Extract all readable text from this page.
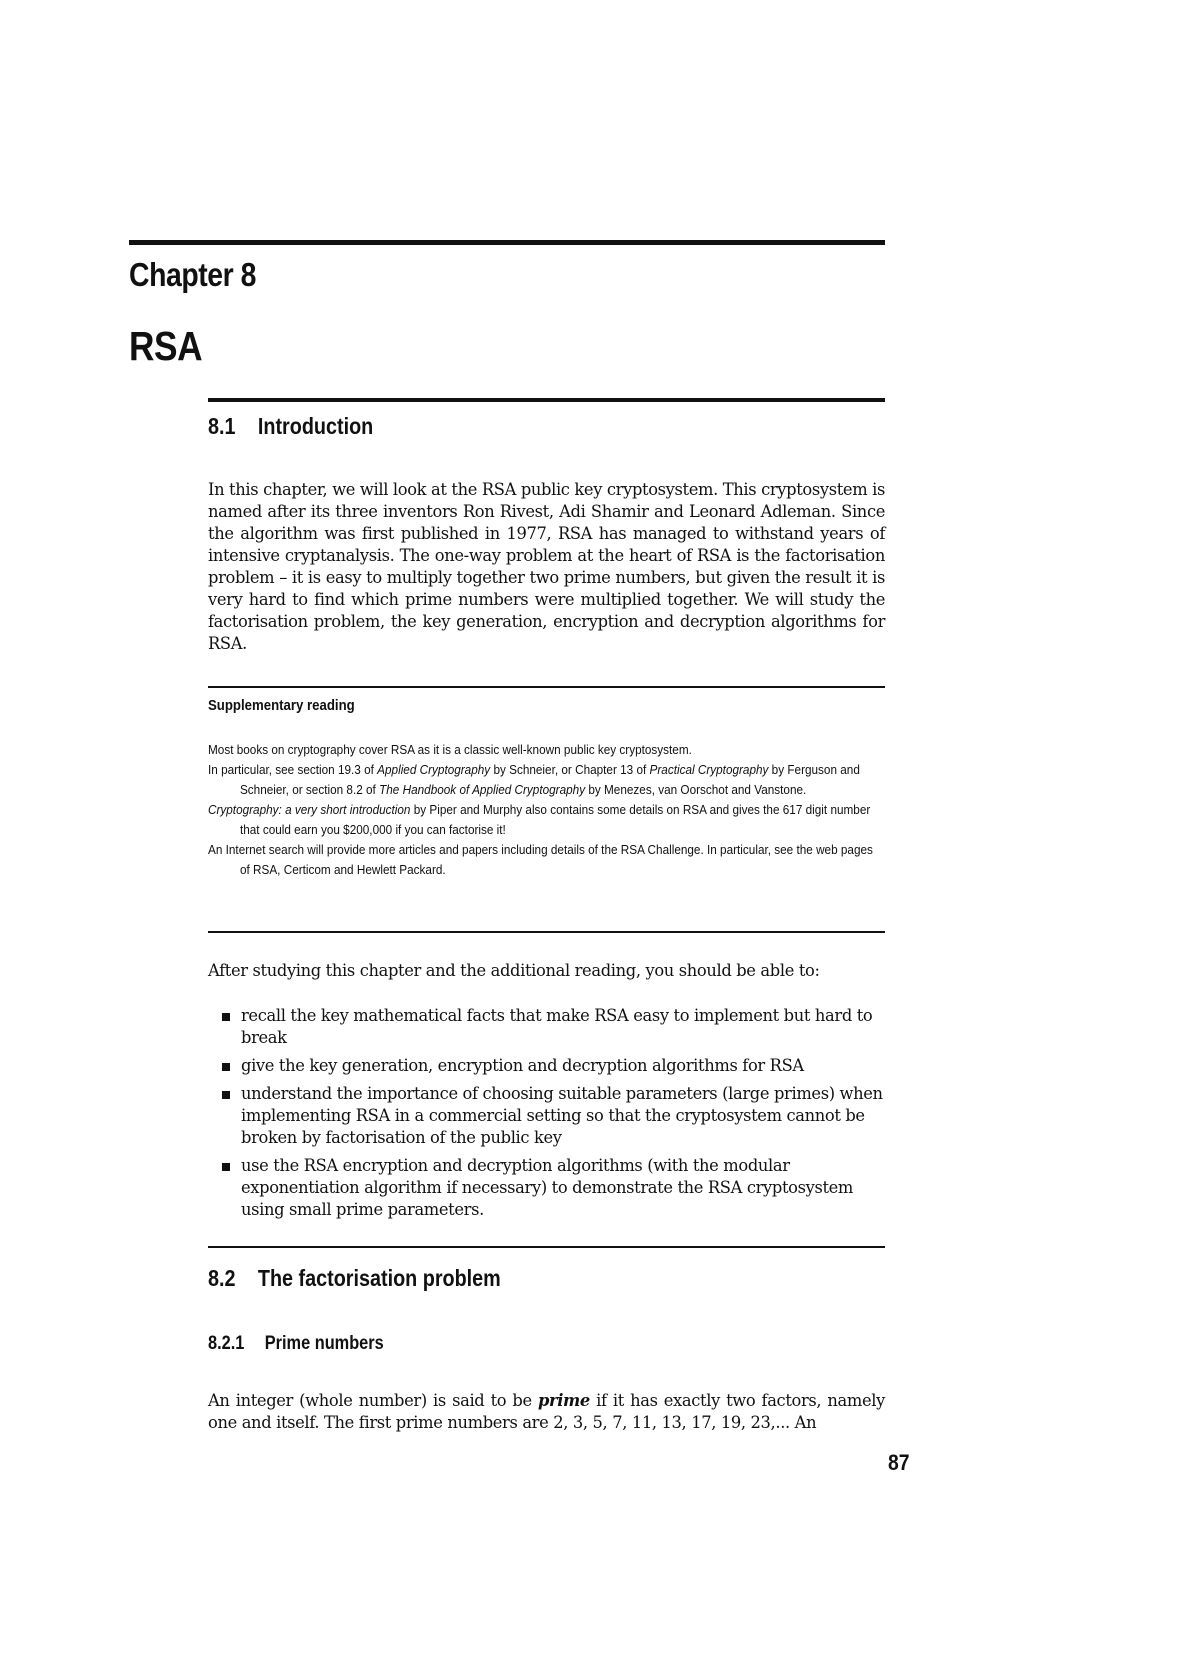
Chapter 8
RSA
8.1 Introduction

In this chapter, we will look at the RSA public key cryptosystem. This cryptosystem is named after its three inventors Ron Rivest, Adi Shamir and Leonard Adleman. Since the algorithm was first published in 1977, RSA has managed to withstand years of intensive cryptanalysis. The one-way problem at the heart of RSA is the factorisation problem – it is easy to multiply together two prime numbers, but given the result it is very hard to find which prime numbers were multiplied together. We will study the factorisation problem, the key generation, encryption and decryption algorithms for RSA.

Supplementary reading
Most books on cryptography cover RSA as it is a classic well-known public key cryptosystem.
In particular, see section 19.3 of Applied Cryptography by Schneier, or Chapter 13 of Practical Cryptography by Ferguson and Schneier, or section 8.2 of The Handbook of Applied Cryptography by Menezes, van Oorschot and Vanstone.
Cryptography: a very short introduction by Piper and Murphy also contains some details on RSA and gives the 617 digit number that could earn you $200,000 if you can factorise it!
An Internet search will provide more articles and papers including details of the RSA Challenge. In particular, see the web pages of RSA, Certicom and Hewlett Packard.

After studying this chapter and the additional reading, you should be able to:

recall the key mathematical facts that make RSA easy to implement but hard to break
give the key generation, encryption and decryption algorithms for RSA
understand the importance of choosing suitable parameters (large primes) when implementing RSA in a commercial setting so that the cryptosystem cannot be broken by factorisation of the public key
use the RSA encryption and decryption algorithms (with the modular exponentiation algorithm if necessary) to demonstrate the RSA cryptosystem using small prime parameters.
8.2 The factorisation problem
8.2.1 Prime numbers

An integer (whole number) is said to be prime if it has exactly two factors, namely one and itself. The first prime numbers are 2, 3, 5, 7, 11, 13, 17, 19, 23,... An

87
